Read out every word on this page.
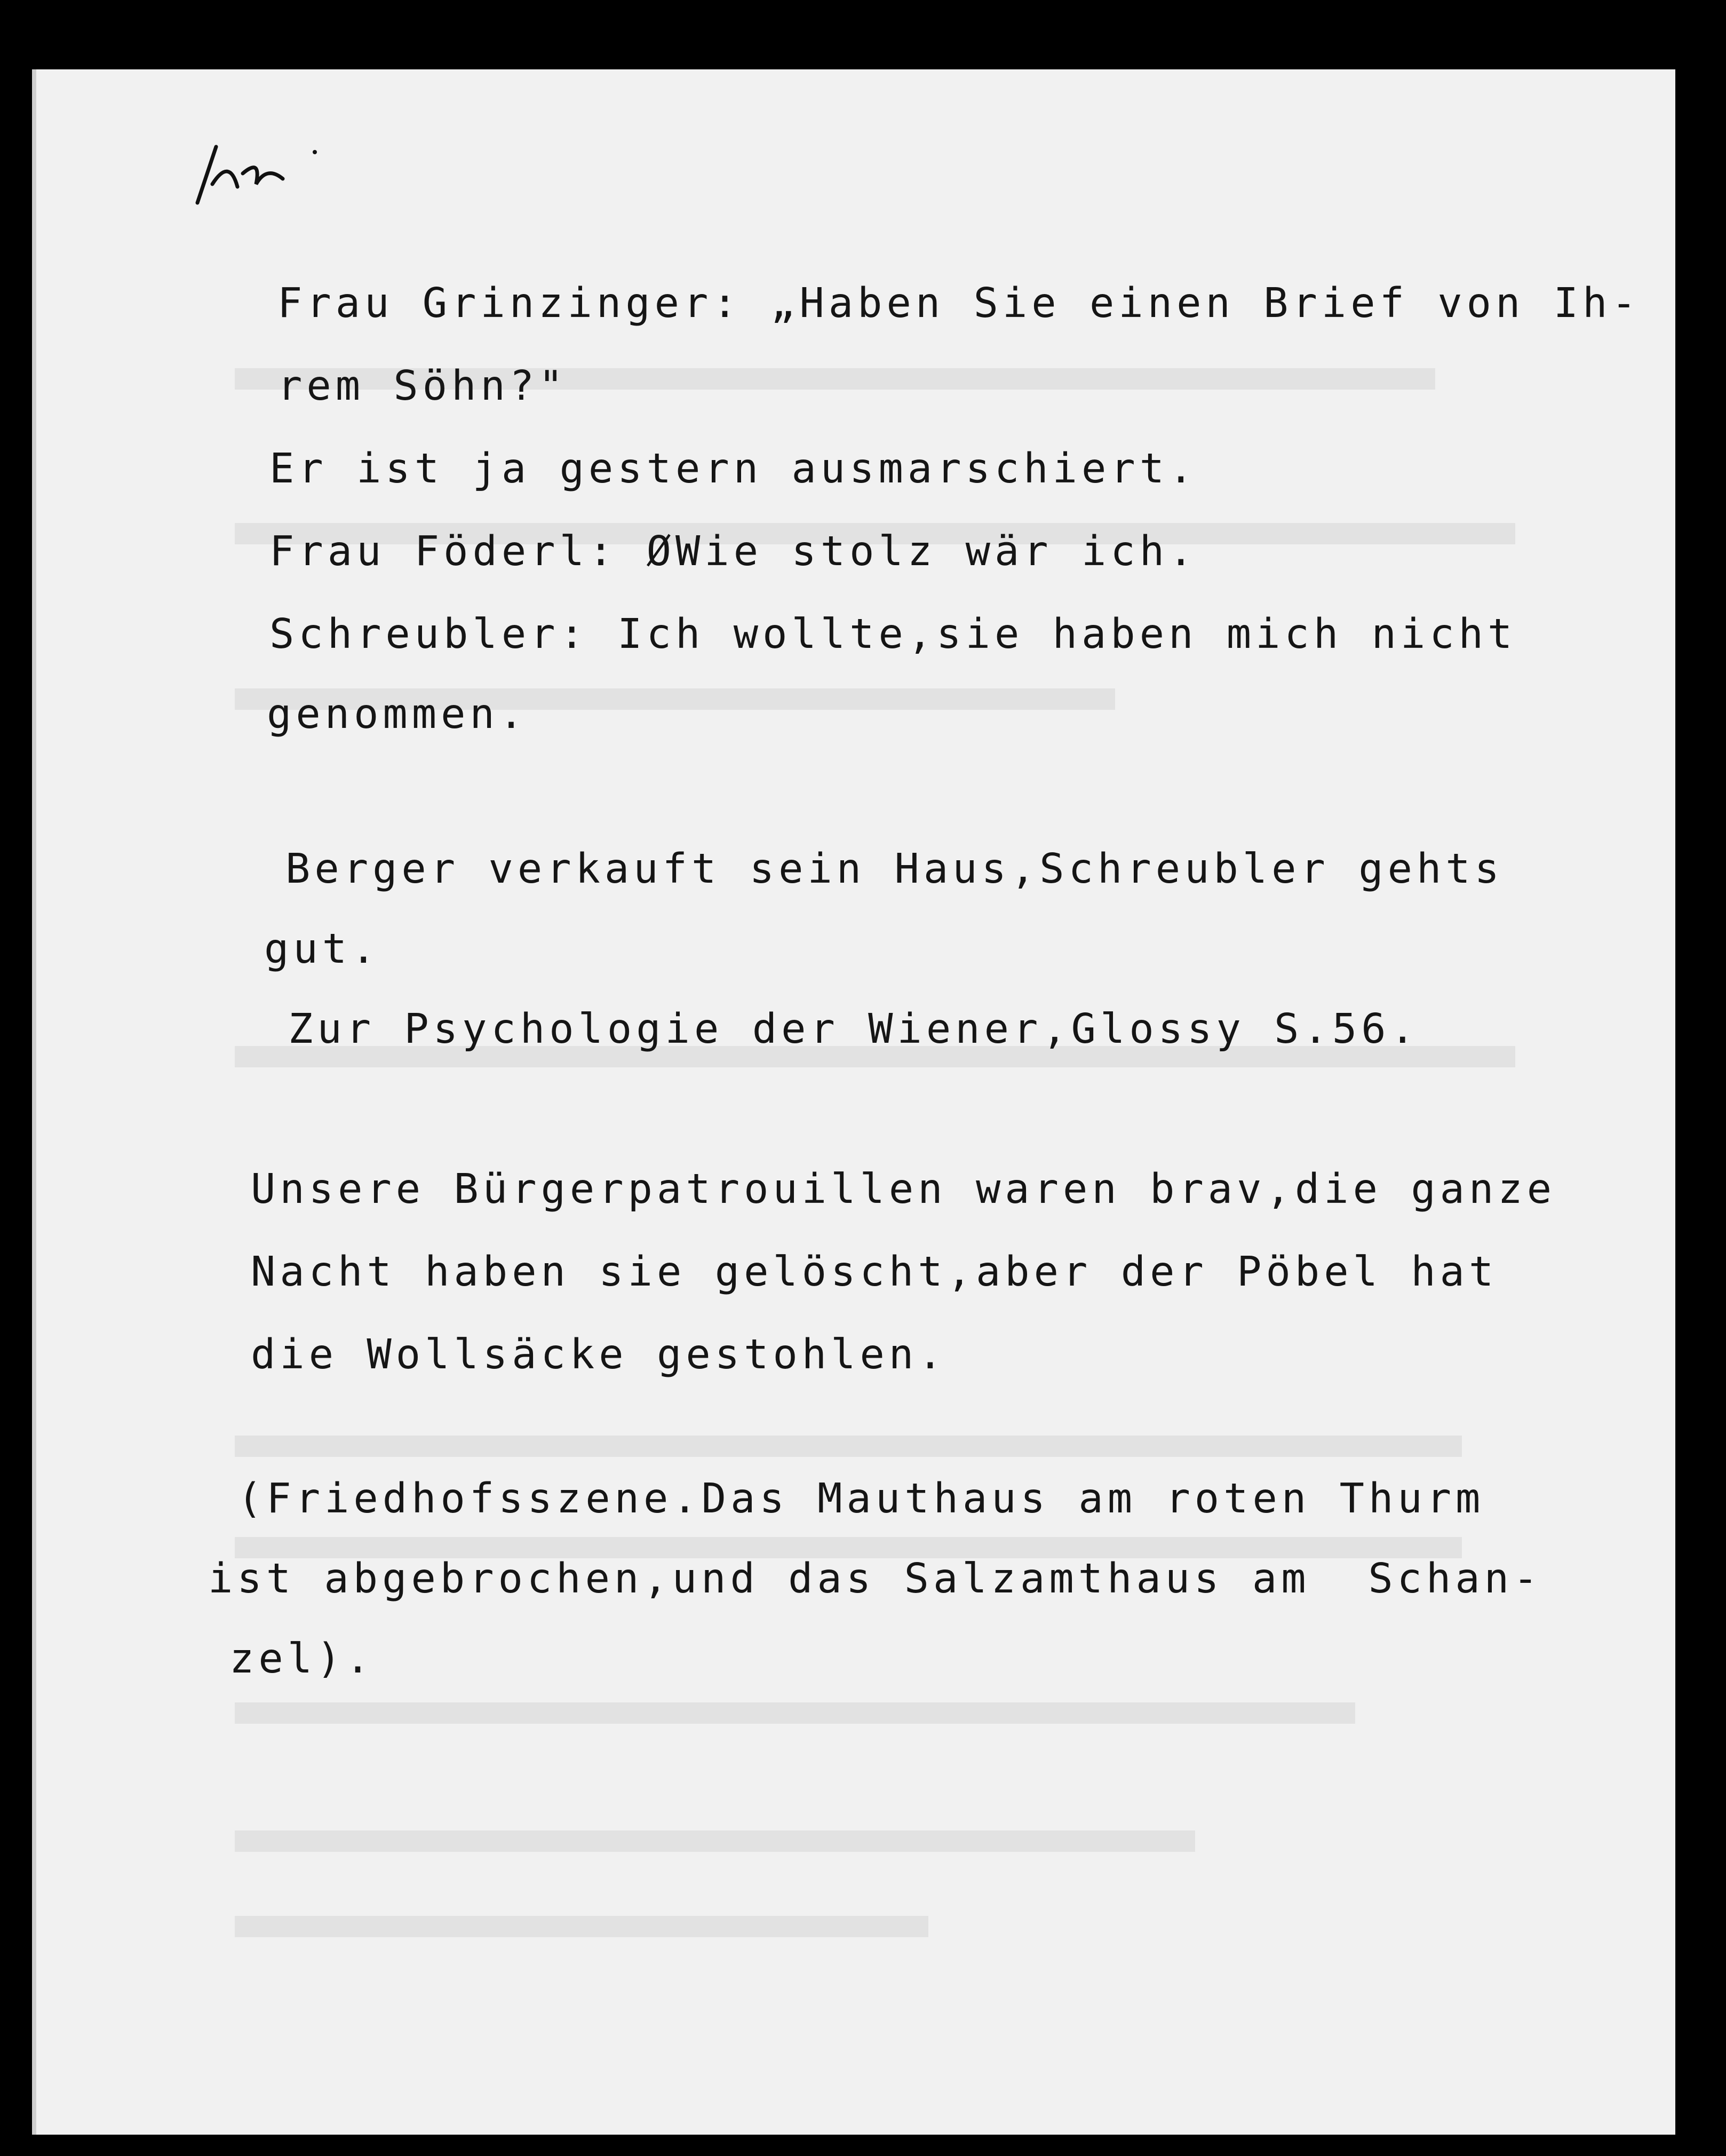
Frau Grinzinger: „Haben Sie einen Brief von Ih-
rem Söhn?"
Er ist ja gestern ausmarschiert.
Frau Föderl: ØWie stolz wär ich.
Schreubler: Ich wollte,sie haben mich nicht
genommen.
Berger verkauft sein Haus,Schreubler gehts
gut.
Zur Psychologie der Wiener,Glossy S.56.
Unsere Bürgerpatrouillen waren brav,die ganze
Nacht haben sie gelöscht,aber der Pöbel hat
die Wollsäcke gestohlen.
(Friedhofsszene.Das Mauthaus am roten Thurm
ist abgebrochen,und das Salzamthaus am  Schan-
zel).
